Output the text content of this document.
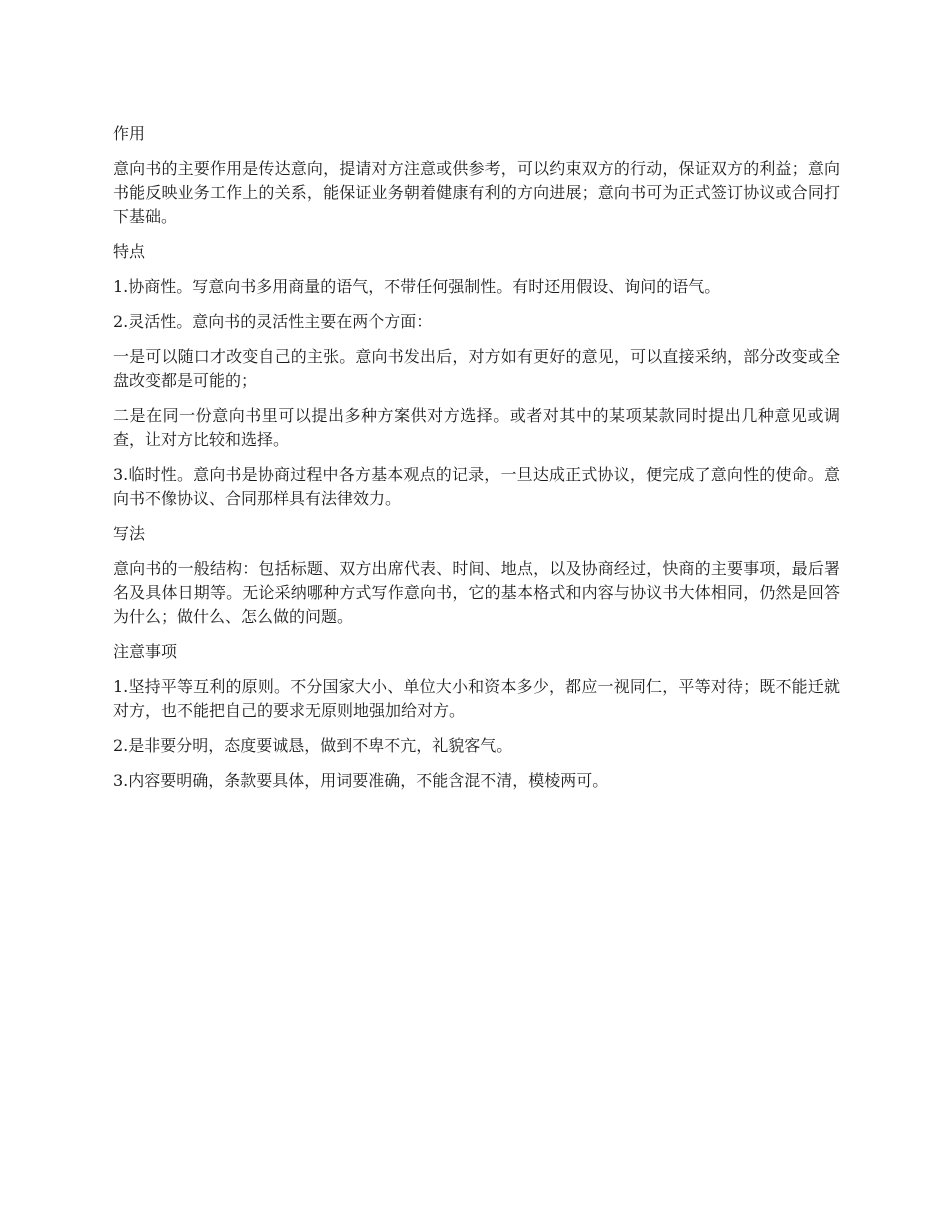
作用
意向书的主要作用是传达意向，提请对方注意或供参考，可以约束双方的行动，保证双方的利益；意向书能反映业务工作上的关系，能保证业务朝着健康有利的方向进展；意向书可为正式签订协议或合同打下基础。
特点
1.协商性。写意向书多用商量的语气，不带任何强制性。有时还用假设、询问的语气。
2.灵活性。意向书的灵活性主要在两个方面：
一是可以随口才改变自己的主张。意向书发出后，对方如有更好的意见，可以直接采纳，部分改变或全盘改变都是可能的；
二是在同一份意向书里可以提出多种方案供对方选择。或者对其中的某项某款同时提出几种意见或调查，让对方比较和选择。
3.临时性。意向书是协商过程中各方基本观点的记录，一旦达成正式协议，便完成了意向性的使命。意向书不像协议、合同那样具有法律效力。
写法
意向书的一般结构：包括标题、双方出席代表、时间、地点，以及协商经过，快商的主要事项，最后署名及具体日期等。无论采纳哪种方式写作意向书，它的基本格式和内容与协议书大体相同，仍然是回答为什么；做什么、怎么做的问题。
注意事项
1.坚持平等互利的原则。不分国家大小、单位大小和资本多少，都应一视同仁，平等对待；既不能迁就对方，也不能把自己的要求无原则地强加给对方。
2.是非要分明，态度要诚恳，做到不卑不亢，礼貌客气。
3.内容要明确，条款要具体，用词要准确，不能含混不清，模棱两可。
